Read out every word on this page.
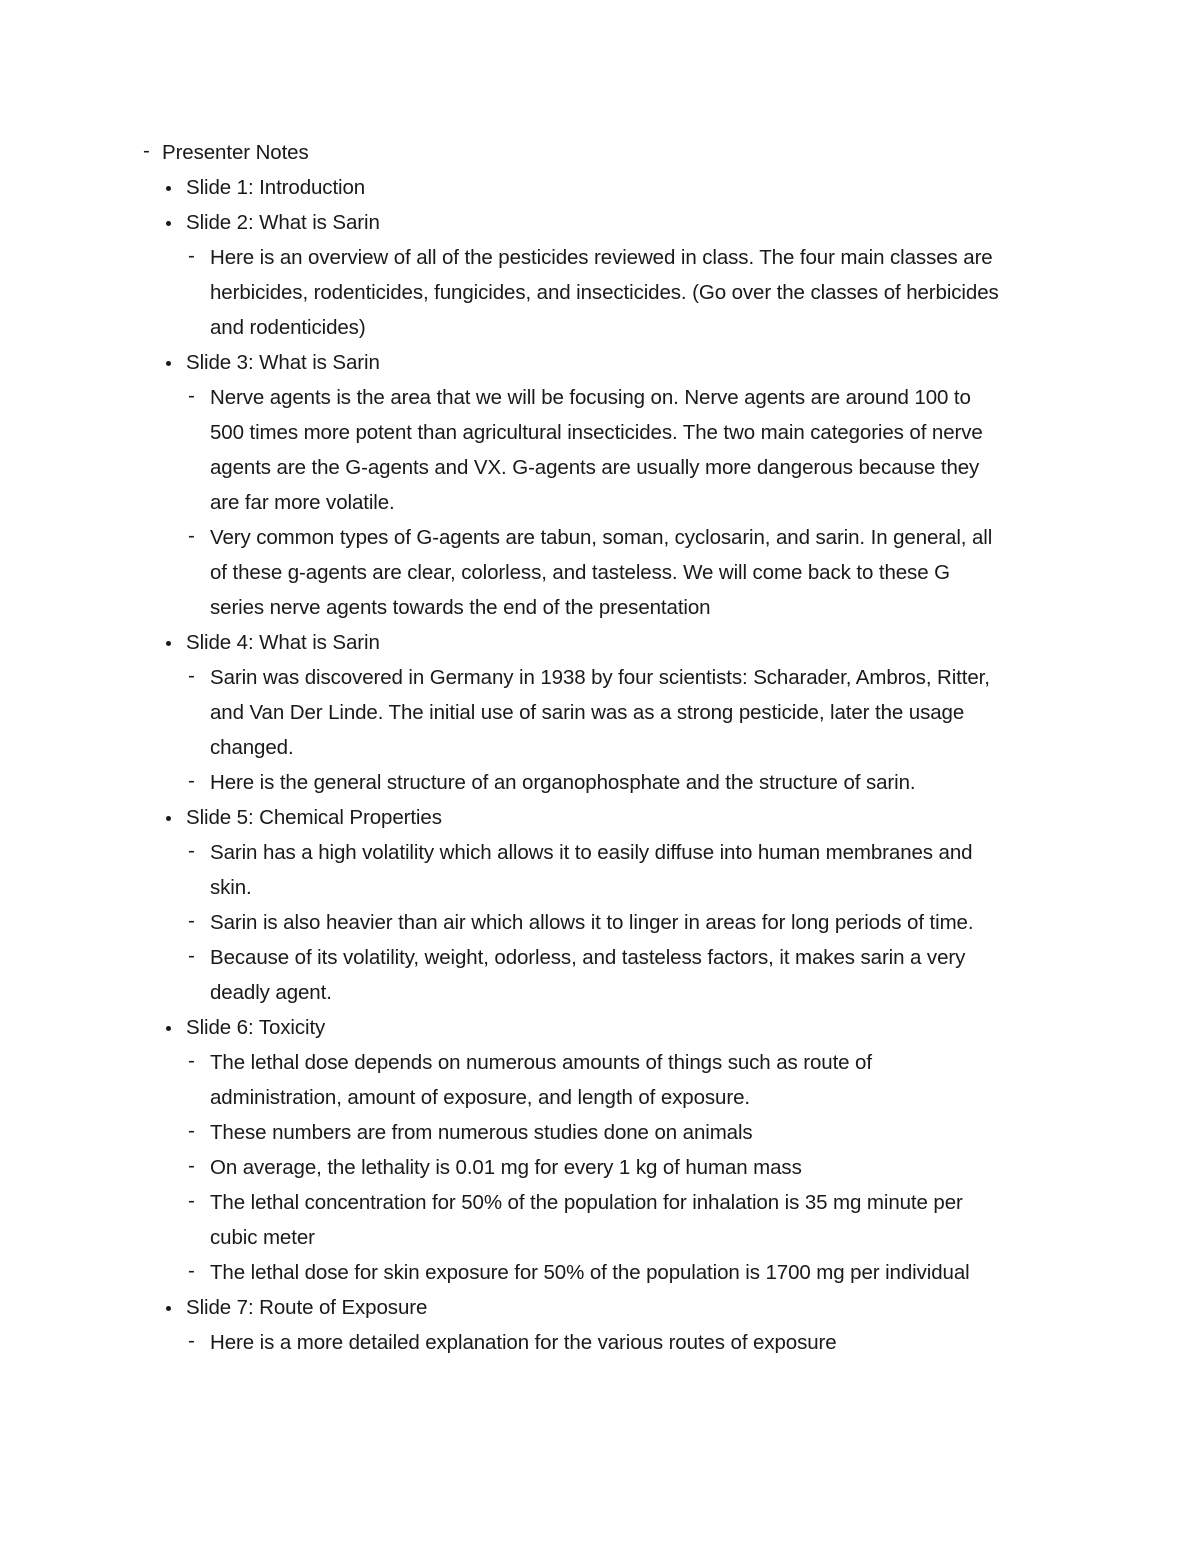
- Presenter Notes
Slide 1: Introduction
Slide 2: What is Sarin
- Here is an overview of all of the pesticides reviewed in class. The four main classes are
herbicides, rodenticides, fungicides, and insecticides. (Go over the classes of herbicides
and rodenticides)
Slide 3: What is Sarin
- Nerve agents is the area that we will be focusing on. Nerve agents are around 100 to
500 times more potent than agricultural insecticides. The two main categories of nerve
agents are the G-agents and VX. G-agents are usually more dangerous because they
are far more volatile.
- Very common types of G-agents are tabun, soman, cyclosarin, and sarin. In general, all
of these g-agents are clear, colorless, and tasteless. We will come back to these G
series nerve agents towards the end of the presentation
Slide 4: What is Sarin
- Sarin was discovered in Germany in 1938 by four scientists: Scharader, Ambros, Ritter,
and Van Der Linde. The initial use of sarin was as a strong pesticide, later the usage
changed.
- Here is the general structure of an organophosphate and the structure of sarin.
Slide 5: Chemical Properties
- Sarin has a high volatility which allows it to easily diffuse into human membranes and
skin.
- Sarin is also heavier than air which allows it to linger in areas for long periods of time.
- Because of its volatility, weight, odorless, and tasteless factors, it makes sarin a very
deadly agent.
Slide 6: Toxicity
- The lethal dose depends on numerous amounts of things such as route of
administration, amount of exposure, and length of exposure.
- These numbers are from numerous studies done on animals
- On average, the lethality is 0.01 mg for every 1 kg of human mass
- The lethal concentration for 50% of the population for inhalation is 35 mg minute per
cubic meter
- The lethal dose for skin exposure for 50% of the population is 1700 mg per individual
Slide 7: Route of Exposure
- Here is a more detailed explanation for the various routes of exposure
